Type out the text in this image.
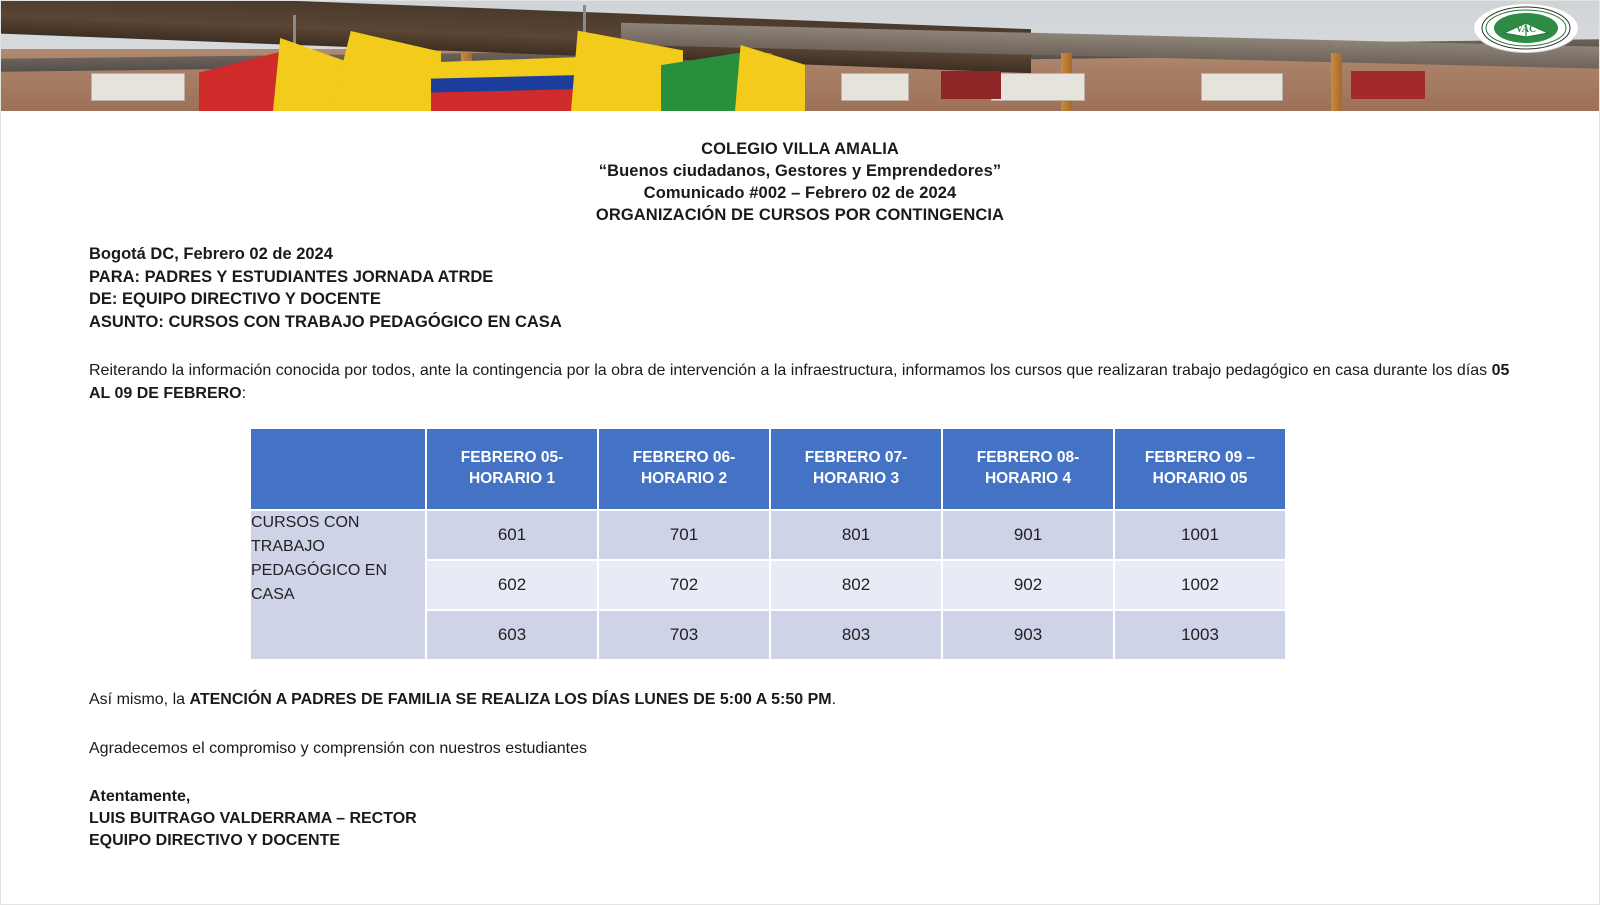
VAC
COLEGIO VILLA AMALIA
“Buenos ciudadanos, Gestores y Emprendedores”
Comunicado #002 – Febrero 02 de 2024
ORGANIZACIÓN DE CURSOS POR CONTINGENCIA
Bogotá DC, Febrero 02 de 2024
PARA: PADRES Y ESTUDIANTES JORNADA ATRDE
DE: EQUIPO DIRECTIVO Y DOCENTE
ASUNTO: CURSOS CON TRABAJO PEDAGÓGICO EN CASA

Reiterando la información conocida por todos, ante la contingencia por la obra de intervención a la infraestructura, informamos los cursos que realizaran trabajo pedagógico en casa durante los días 05 AL 09 DE FEBRERO:

	FEBRERO 05- HORARIO 1	FEBRERO 06- HORARIO 2	FEBRERO 07- HORARIO 3	FEBRERO 08- HORARIO 4	FEBRERO 09 – HORARIO 05
CURSOS CON TRABAJO PEDAGÓGICO EN CASA	601	701	801	901	1001
	602	702	802	902	1002
	603	703	803	903	1003

Así mismo, la ATENCIÓN A PADRES DE FAMILIA SE REALIZA LOS DÍAS LUNES DE 5:00 A 5:50 PM.

Agradecemos el compromiso y comprensión con nuestros estudiantes

Atentamente,
LUIS BUITRAGO VALDERRAMA – RECTOR
EQUIPO DIRECTIVO Y DOCENTE
